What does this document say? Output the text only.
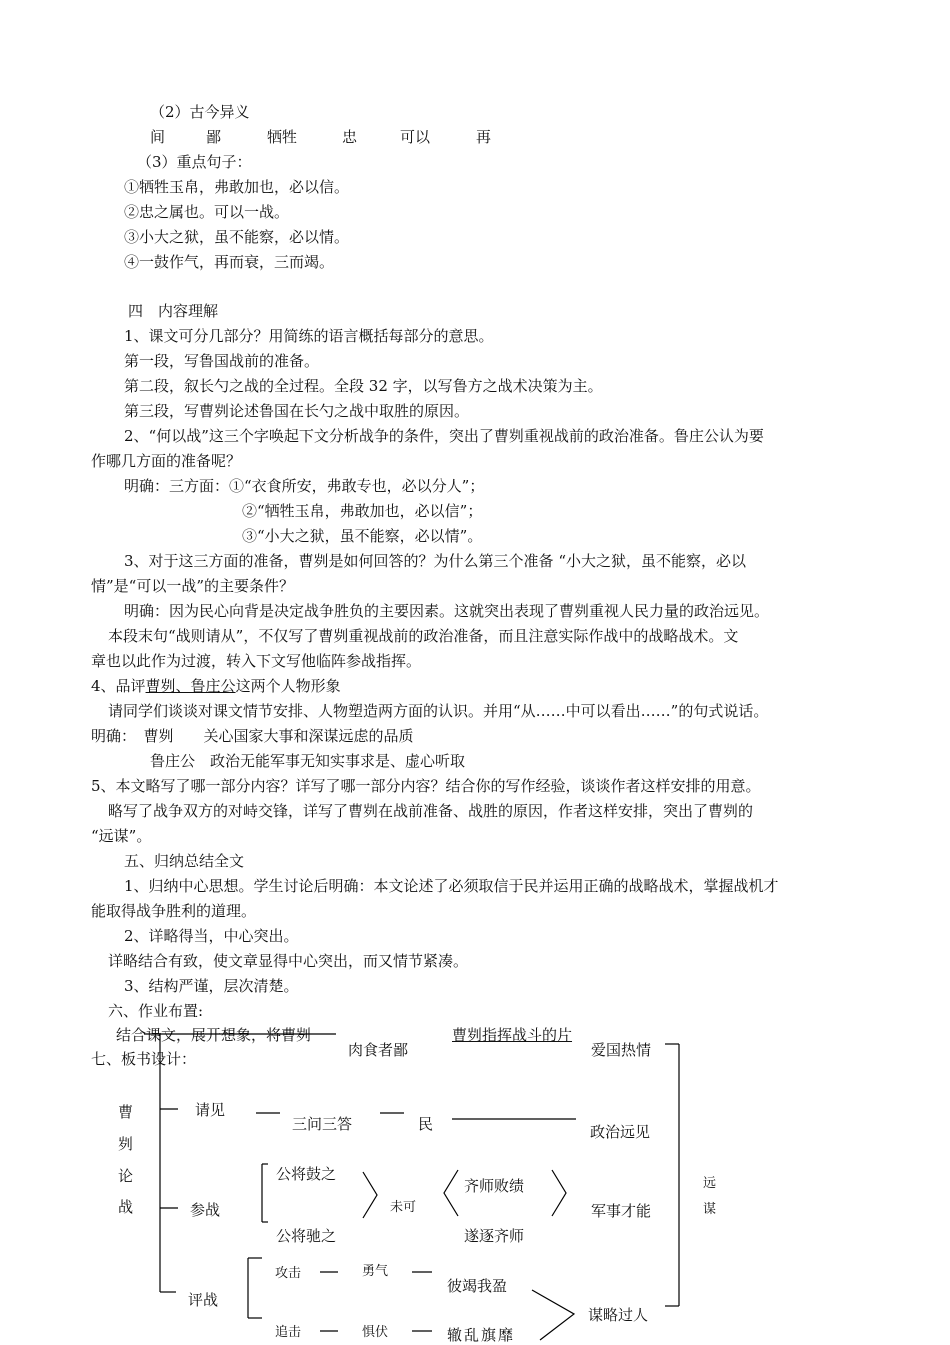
（2）古今异义
间	鄙	牺牲	忠	可以	再
（3）重点句子：
①牺牲玉帛，弗敢加也，必以信。
②忠之属也。可以一战。
③小大之狱，虽不能察，必以情。
④一鼓作气，再而衰，三而竭。
四　内容理解
1、课文可分几部分？用简练的语言概括每部分的意思。
第一段，写鲁国战前的准备。
第二段，叙长勺之战的全过程。全段 32 字，以写鲁方之战术决策为主。
第三段，写曹刿论述鲁国在长勺之战中取胜的原因。
2、“何以战”这三个字唤起下文分析战争的条件，突出了曹刿重视战前的政治准备。鲁庄公认为要
作哪几方面的准备呢？
明确：三方面：①“衣食所安，弗敢专也，必以分人”；
②“牺牲玉帛，弗敢加也，必以信”；
③“小大之狱，虽不能察，必以情”。
3、对于这三方面的准备，曹刿是如何回答的？为什么第三个准备 “小大之狱，虽不能察，必以
情”是“可以一战”的主要条件？
明确：因为民心向背是决定战争胜负的主要因素。这就突出表现了曹刿重视人民力量的政治远见。
本段末句“战则请从”，不仅写了曹刿重视战前的政治准备，而且注意实际作战中的战略战术。文
章也以此作为过渡，转入下文写他临阵参战指挥。
4、品评曹刿、鲁庄公这两个人物形象
请同学们谈谈对课文情节安排、人物塑造两方面的认识。并用“从……中可以看出……”的句式说话。
明确：　曹刿　　关心国家大事和深谋远虑的品质
鲁庄公　政治无能军事无知实事求是、虚心听取
5、本文略写了哪一部分内容？详写了哪一部分内容？结合你的写作经验，谈谈作者这样安排的用意。
略写了战争双方的对峙交锋，详写了曹刿在战前准备、战胜的原因，作者这样安排，突出了曹刿的
“远谋”。
五、归纳总结全文
1、归纳中心思想。学生讨论后明确：本文论述了必须取信于民并运用正确的战略战术，掌握战机才
能取得战争胜利的道理。
2、详略得当，中心突出。
详略结合有致，使文章显得中心突出，而又情节紧凑。
3、结构严谨，层次清楚。
六、作业布置:
结合课文，展开想象，将曹刿	曹刿指挥战斗的片
七、板书设计：
曹
刿
论
战
请见
参战
评战
肉食者鄙
三问三答	民
公将鼓之
公将驰之
未可
齐师败绩
遂逐齐师
攻击
追击
勇气
惧伏
彼竭我盈
辙乱旗靡
爱国热情
政治远见
军事才能
谋略过人
远
谋
